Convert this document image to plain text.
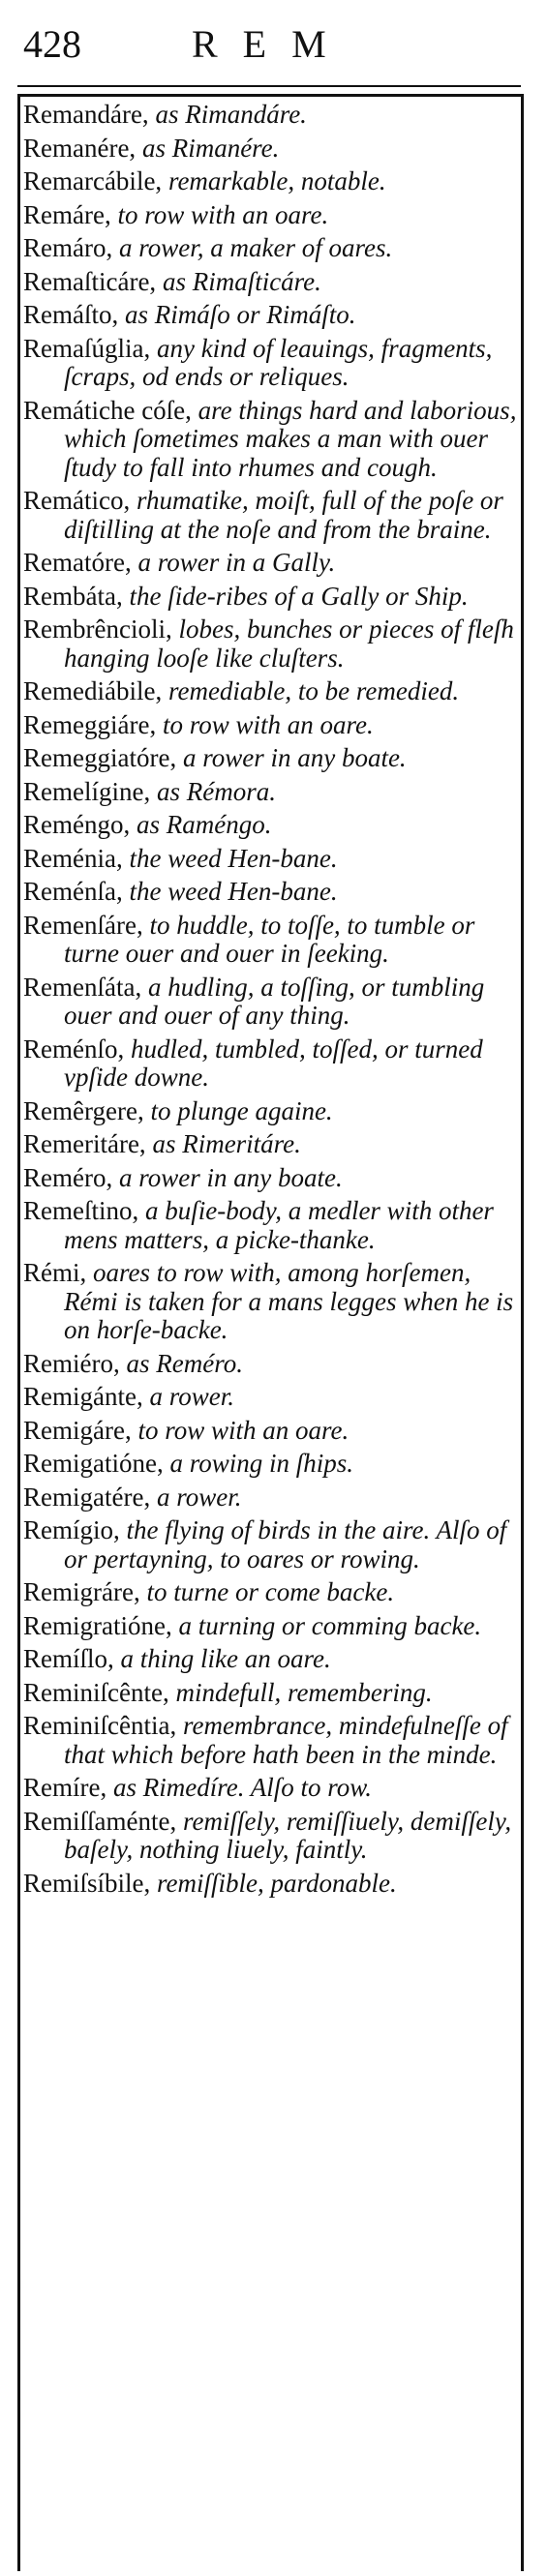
428	REM

Remandáre, as Rimandáre.

Remanére, as Rimanére.

Remarcábile, remarkable, notable.

Remáre, to row with an oare.

Remáro, a rower, a maker of oares.

Remaſticáre, as Rimaſticáre.

Remáſto, as Rimáſo or Rimáſto.

Remaſúglia, any kind of leauings, fragments, ſcraps, od ends or reliques.

Remátiche cóſe, are things hard and laborious, which ſometimes makes a man with ouer ſtudy to fall into rhumes and cough.

Remático, rhumatike, moiſt, full of the poſe or diſtilling at the noſe and from the braine.

Rematóre, a rower in a Gally.

Rembáta, the ſide-ribes of a Gally or Ship.

Rembrêncioli, lobes, bunches or pieces of fleſh hanging looſe like cluſters.

Remediábile, remediable, to be remedied.

Remeggiáre, to row with an oare.

Remeggiatóre, a rower in any boate.

Remelígine, as Rémora.

Reméngo, as Raméngo.

Reménia, the weed Hen-bane.

Reménſa, the weed Hen-bane.

Remenſáre, to huddle, to toſſe, to tumble or turne ouer and ouer in ſeeking.

Remenſáta, a hudling, a toſſing, or tumbling ouer and ouer of any thing.

Reménſo, hudled, tumbled, toſſed, or turned vpſide downe.

Remêrgere, to plunge againe.

Remeritáre, as Rimeritáre.

Reméro, a rower in any boate.

Remeſtino, a buſie-body, a medler with other mens matters, a picke-thanke.

Rémi, oares to row with, among horſemen, Rémi is taken for a mans legges when he is on horſe-backe.

Remiéro, as Reméro.

Remigánte, a rower.

Remigáre, to row with an oare.

Remigatióne, a rowing in ſhips.

Remigatére, a rower.

Remígio, the flying of birds in the aire. Alſo of or pertayning, to oares or rowing.

Remigráre, to turne or come backe.

Remigratióne, a turning or comming backe.

Remíſlo, a thing like an oare.

Reminiſcênte, mindefull, remembering.

Reminiſcêntia, remembrance, mindefulneſſe of that which before hath been in the minde.

Remíre, as Rimedíre. Alſo to row.

Remiſſaménte, remiſſely, remiſſiuely, demiſſely, baſely, nothing liuely, faintly.

Remiſsíbile, remiſſible, pardonable.
